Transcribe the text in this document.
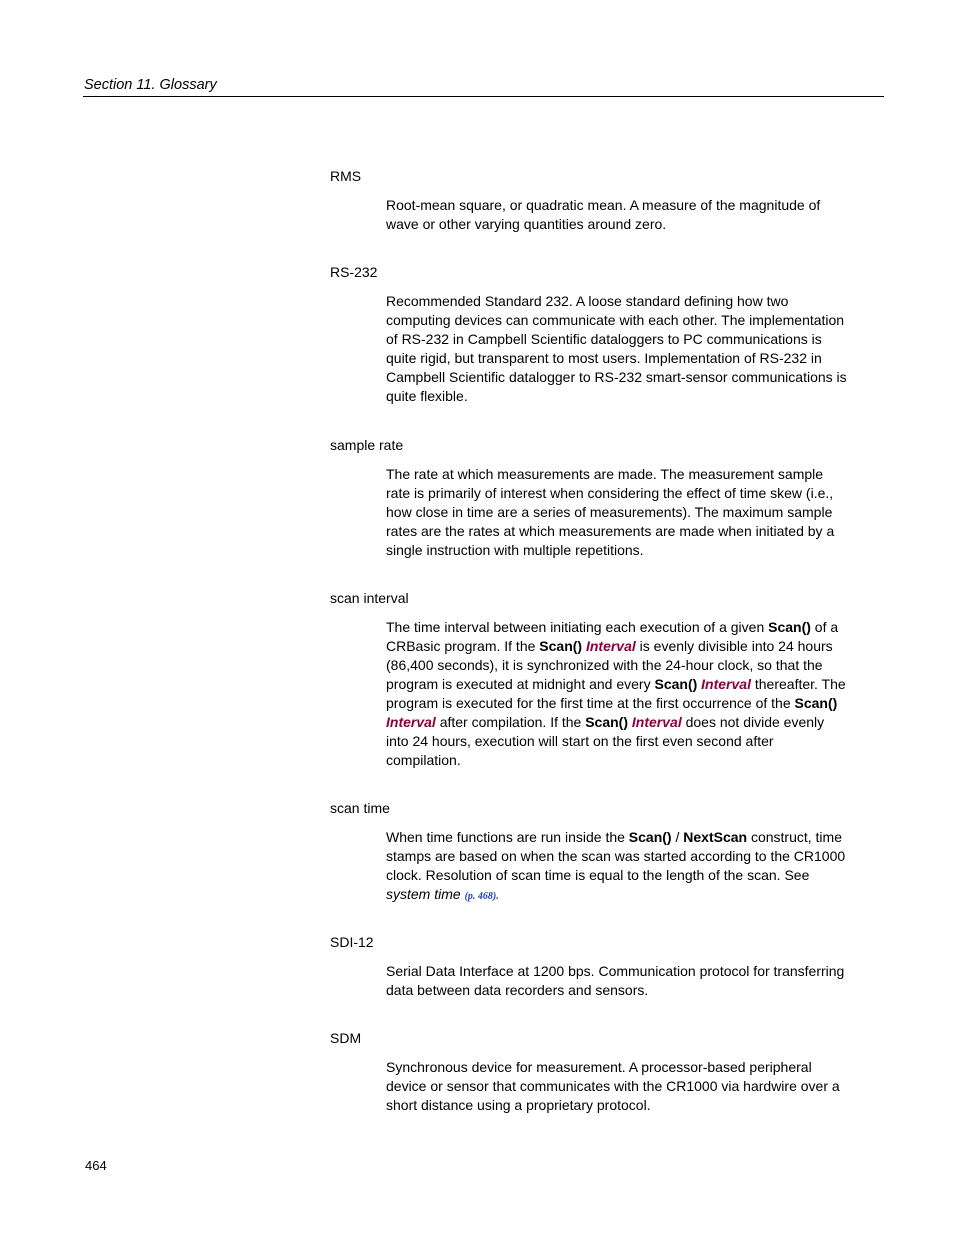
Section 11. Glossary
RMS

Root-mean square, or quadratic mean. A measure of the magnitude of wave or other varying quantities around zero.

RS-232

Recommended Standard 232. A loose standard defining how two computing devices can communicate with each other. The implementation of RS-232 in Campbell Scientific dataloggers to PC communications is quite rigid, but transparent to most users. Implementation of RS-232 in Campbell Scientific datalogger to RS-232 smart-sensor communications is quite flexible.

sample rate

The rate at which measurements are made. The measurement sample rate is primarily of interest when considering the effect of time skew (i.e., how close in time are a series of measurements). The maximum sample rates are the rates at which measurements are made when initiated by a single instruction with multiple repetitions.

scan interval

The time interval between initiating each execution of a given Scan() of a CRBasic program. If the Scan() Interval is evenly divisible into 24 hours (86,400 seconds), it is synchronized with the 24-hour clock, so that the program is executed at midnight and every Scan() Interval thereafter. The program is executed for the first time at the first occurrence of the Scan() Interval after compilation. If the Scan() Interval does not divide evenly into 24 hours, execution will start on the first even second after compilation.

scan time

When time functions are run inside the Scan() / NextScan construct, time stamps are based on when the scan was started according to the CR1000 clock. Resolution of scan time is equal to the length of the scan. See system time (p. 468).

SDI-12

Serial Data Interface at 1200 bps. Communication protocol for transferring data between data recorders and sensors.

SDM

Synchronous device for measurement. A processor-based peripheral device or sensor that communicates with the CR1000 via hardwire over a short distance using a proprietary protocol.

464
